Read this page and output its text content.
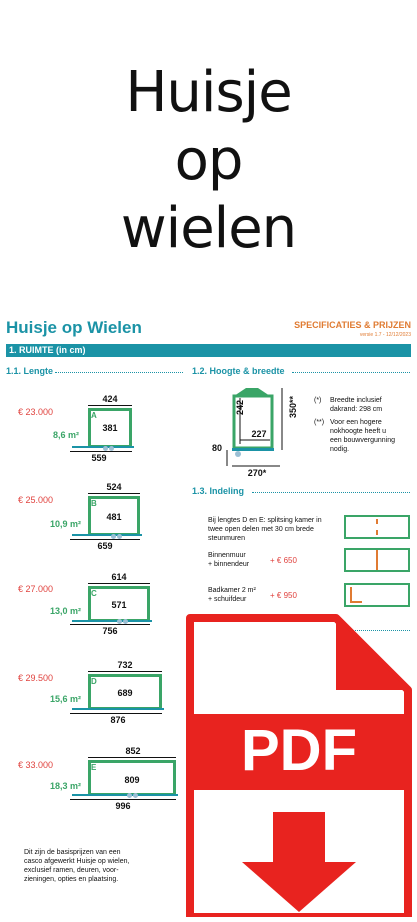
Huisje
op
wielen
Huisje op Wielen	SPECIFICATIES & PRIJZEN
versie 1.7 - 12/12/2023
1. RUIMTE (in cm)
1.1. Lengte	1.2. Hoogte & breedte
424
€ 23.000	A
381
8,6 m²
559
524
€ 25.000	B
481
10,9 m²
659
614
€ 27.000	C
571
13,0 m²
756
732
€ 29.500	D
689
15,6 m²
876
852
€ 33.000	E
809
18,3 m²
996
Dit zijn de basisprijzen van een
casco afgewerkt Huisje op wielen,
exclusief ramen, deuren, voor-
zieningen, opties en plaatsing.
242
227
350**
80
270*
(*) Breedte inclusief
dakrand: 298 cm
(**) Voor een hogere
nokhoogte heeft u
een bouwvergunning
nodig.
1.3. Indeling
Bij lengtes D en E: splitsing kamer in
twee open delen met 30 cm brede
steunmuren
Binnenmuur
+ binnendeur	+ € 650
Badkamer 2 m²
+ schuifdeur	+ € 950
PDF
